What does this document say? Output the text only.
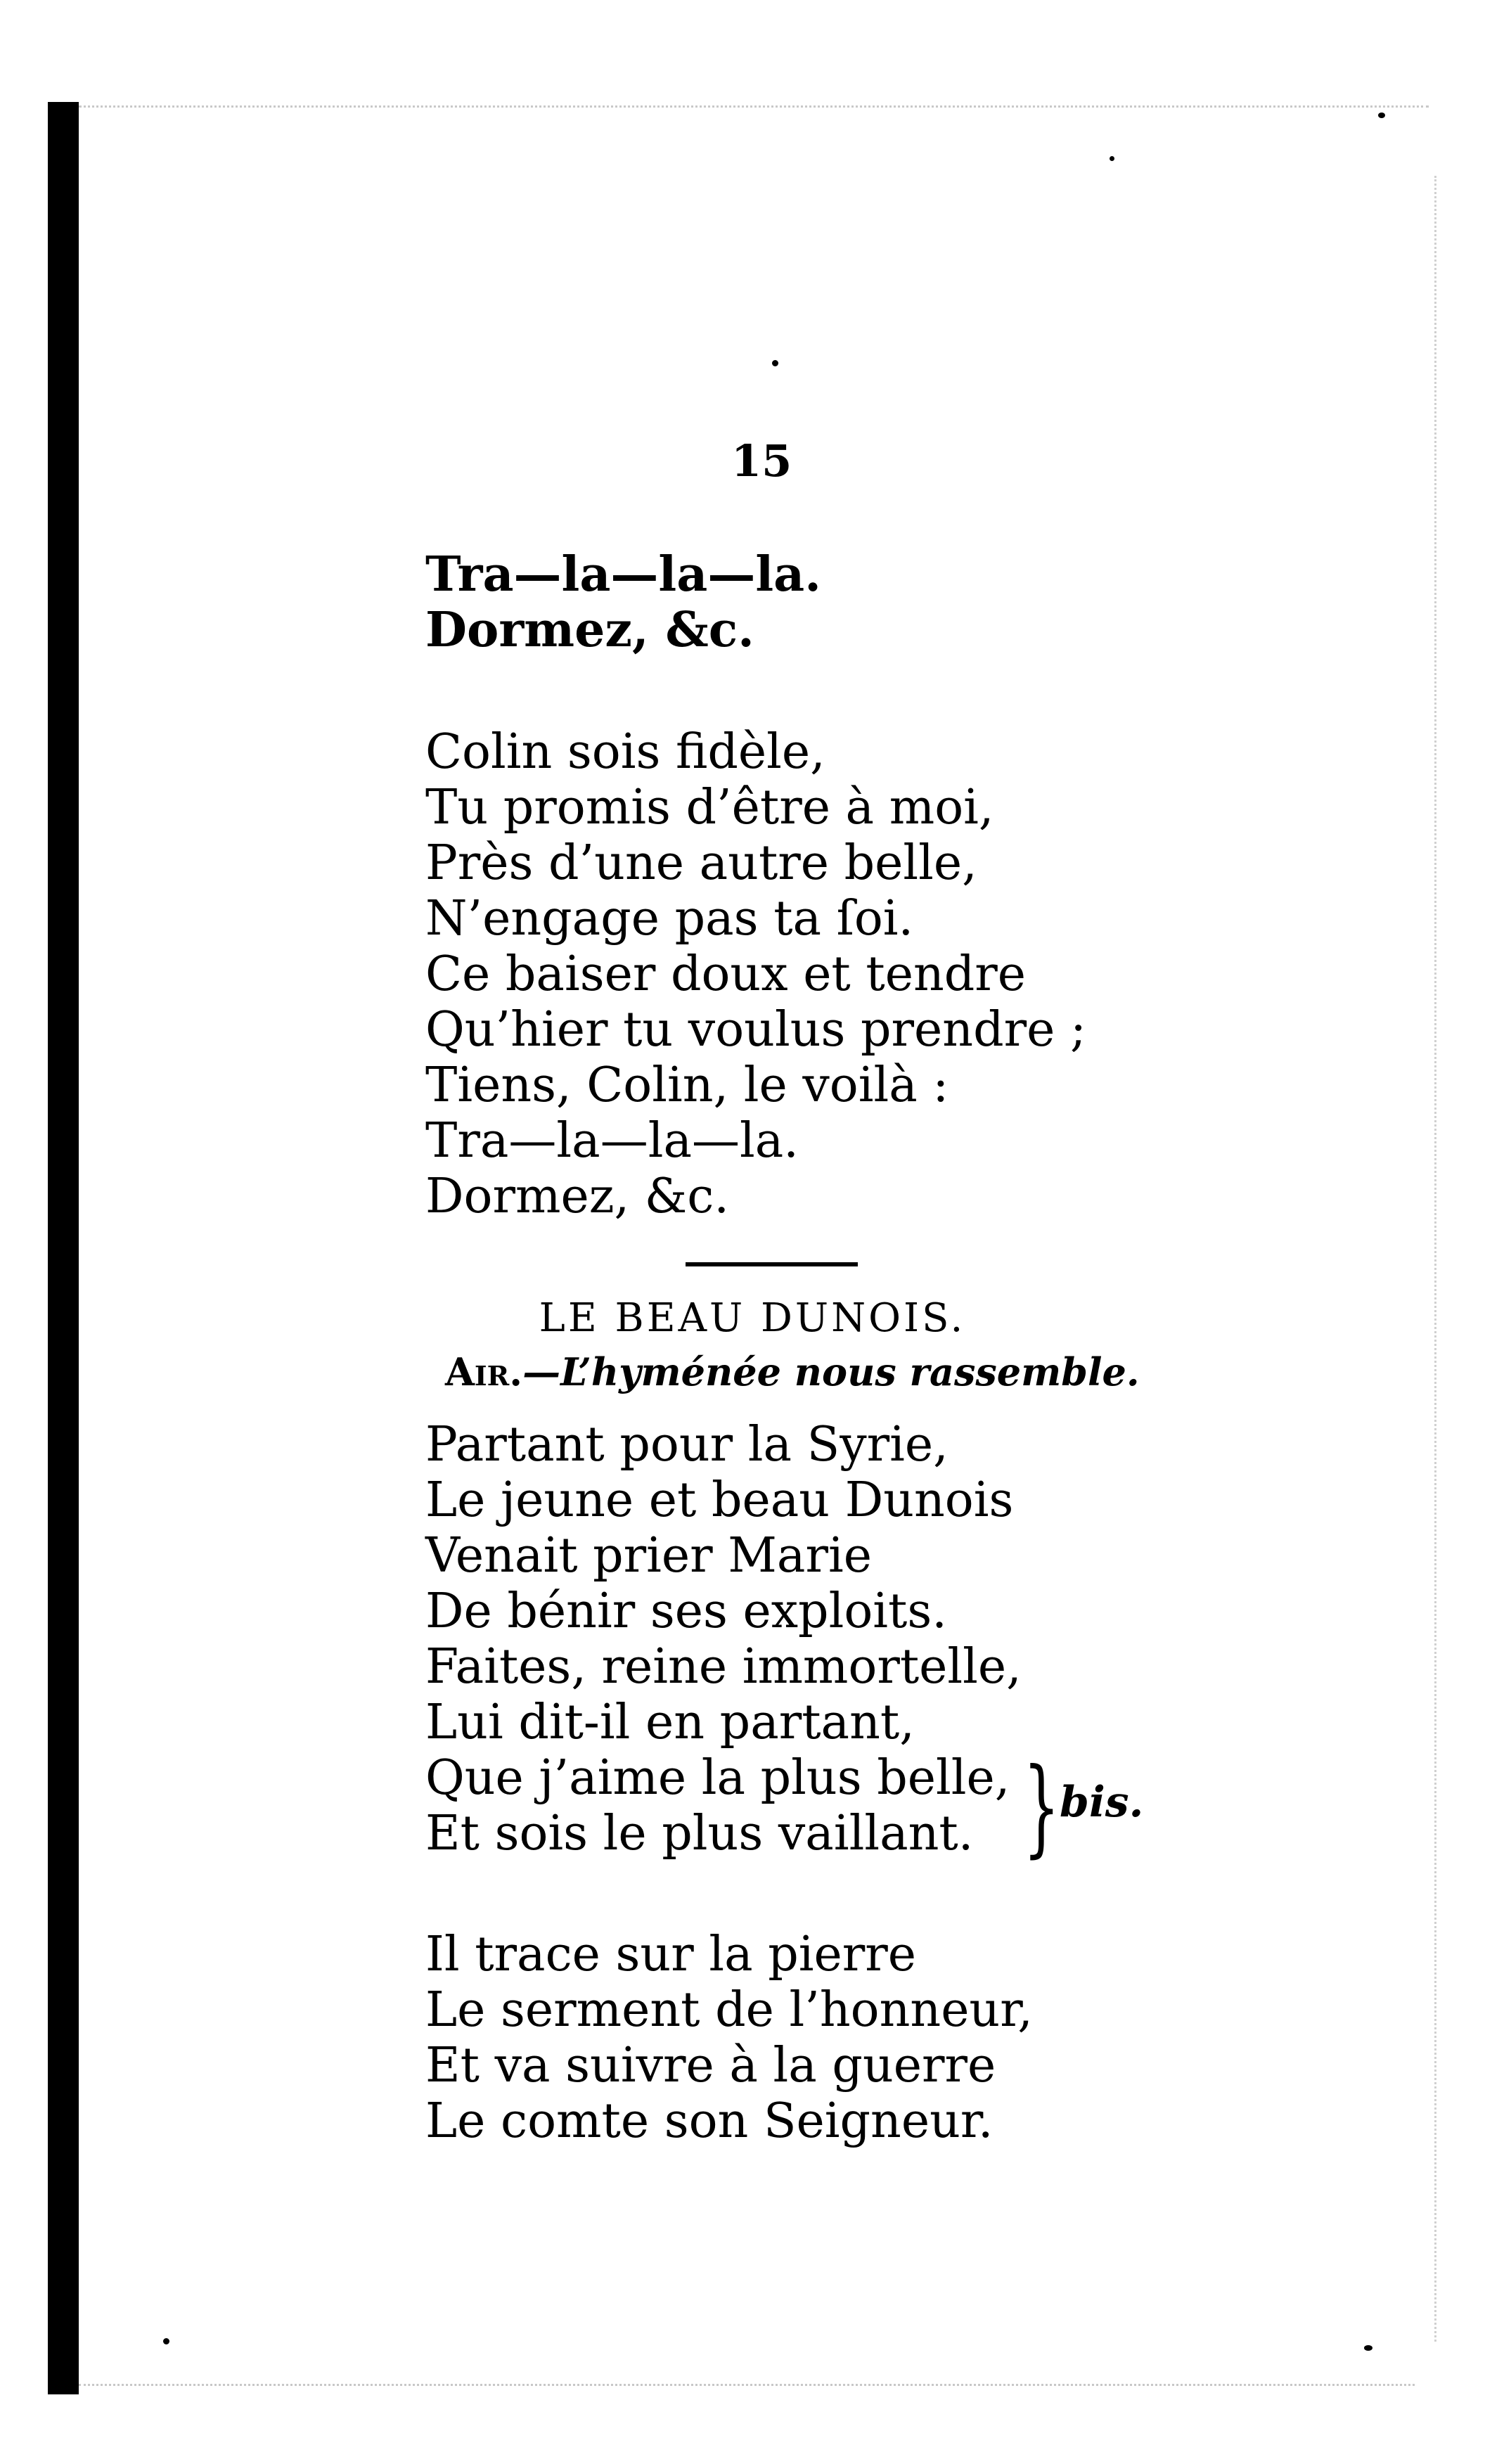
15
Tra—la—la—la.
Dormez, &c.
Colin sois fidèle,
Tu promis d’être à moi,
Près d’une autre belle,
N’engage pas ta ſoi.
Ce baiser doux et tendre
Qu’hier tu voulus prendre ;
Tiens, Colin, le voilà :
Tra—la—la—la.
Dormez, &c.
LE BEAU DUNOIS.
Air.—L’hyménée nous rassemble.
Partant pour la Syrie,
Le jeune et beau Dunois
Venait prier Marie
De bénir ses exploits.
Faites, reine immortelle,
Lui dit-il en partant,
Que j’aime la plus belle,
Et sois le plus vaillant. } bis.
Il trace sur la pierre
Le serment de l’honneur,
Et va suivre à la guerre
Le comte son Seigneur.
